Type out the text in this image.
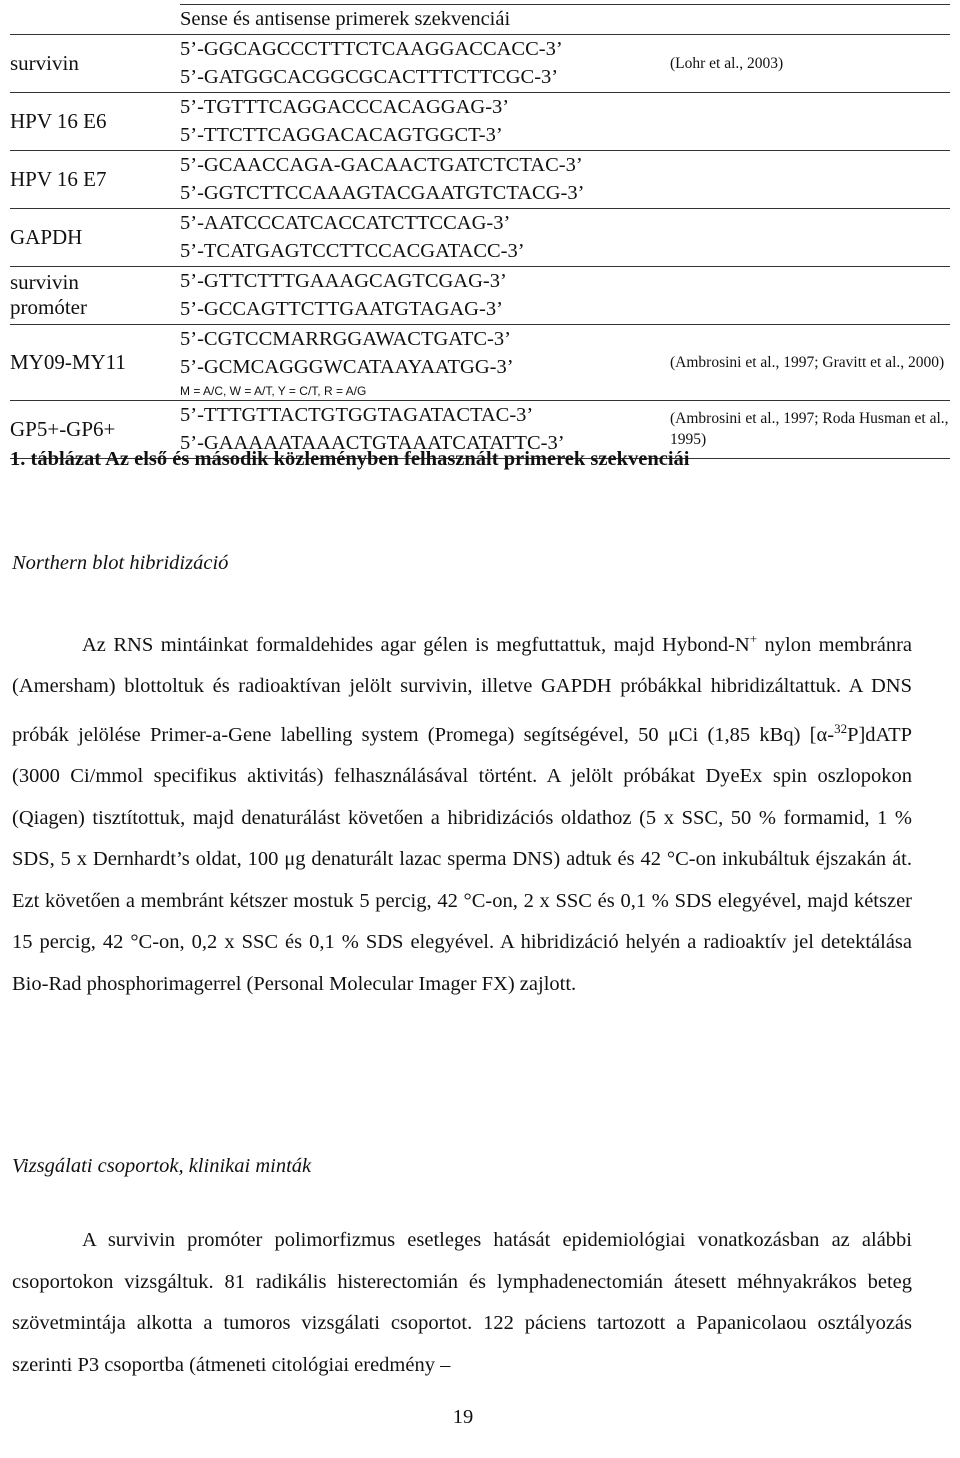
	Sense és antisense primerek szekvenciái	
survivin	5’-GGCAGCCCTTTCTCAAGGACCACC-3’
5’-GATGGCACGGCGCACTTTCTTCGC-3’	(Lohr et al., 2003)
HPV 16 E6	5’-TGTTTCAGGACCCACAGGAG-3’
5’-TTCTTCAGGACACAGTGGCT-3’	

HPV 16 E7	5’-GCAACCAGA-GACAACTGATCTCTAC-3’
5’-GGTCTTCCAAAGTACGAATGTCTACG-3’	

GAPDH	5’-AATCCCATCACCATCTTCCAG-3’
5’-TCATGAGTCCTTCCACGATACC-3’	

survivin
promóter	5’-GTTCTTTGAAAGCAGTCGAG-3’
5’-GCCAGTTCTTGAATGTAGAG-3’	

MY09-MY11	5’-CGTCCMARRGGAWACTGATC-3’
5’-GCMCAGGGWCATAAYAATGG-3’
M = A/C, W = A/T, Y = C/T, R = A/G	(Ambrosini et al., 1997; Gravitt et al., 2000)
GP5+-GP6+	5’-TTTGTTACTGTGGTAGATACTAC-3’
5’-GAAAAATAAACTGTAAATCATATTC-3’	(Ambrosini et al., 1997; Roda Husman et al., 1995)
1. táblázat Az első és második közleményben felhasznált primerek szekvenciái
Northern blot hibridizáció

Az RNS mintáinkat formaldehides agar gélen is megfuttattuk, majd Hybond-N+ nylon membránra (Amersham) blottoltuk és radioaktívan jelölt survivin, illetve GAPDH próbákkal hibridizáltattuk. A DNS próbák jelölése Primer-a-Gene labelling system (Promega) segítségével, 50 μCi (1,85 kBq) [α-$^{32}$P]dATP (3000 Ci/mmol specifikus aktivitás) felhasználásával történt. A jelölt próbákat DyeEx spin oszlopokon (Qiagen) tisztítottuk, majd denaturálást követően a hibridizációs oldathoz (5 x SSC, 50 % formamid, 1 % SDS, 5 x Dernhardt’s oldat, 100 μg denaturált lazac sperma DNS) adtuk és 42 °C-on inkubáltuk éjszakán át. Ezt követően a membránt kétszer mostuk 5 percig, 42 °C-on, 2 x SSC és 0,1 % SDS elegyével, majd kétszer 15 percig, 42 °C-on, 0,2 x SSC és 0,1 % SDS elegyével. A hibridizáció helyén a radioaktív jel detektálása Bio-Rad phosphorimagerrel (Personal Molecular Imager FX) zajlott.

Vizsgálati csoportok, klinikai minták

A survivin promóter polimorfizmus esetleges hatását epidemiológiai vonatkozásban az alábbi csoportokon vizsgáltuk. 81 radikális histerectomián és lymphadenectomián átesett méhnyakrákos beteg szövetmintája alkotta a tumoros vizsgálati csoportot. 122 páciens tartozott a Papanicolaou osztályozás szerinti P3 csoportba (átmeneti citológiai eredmény –

19
